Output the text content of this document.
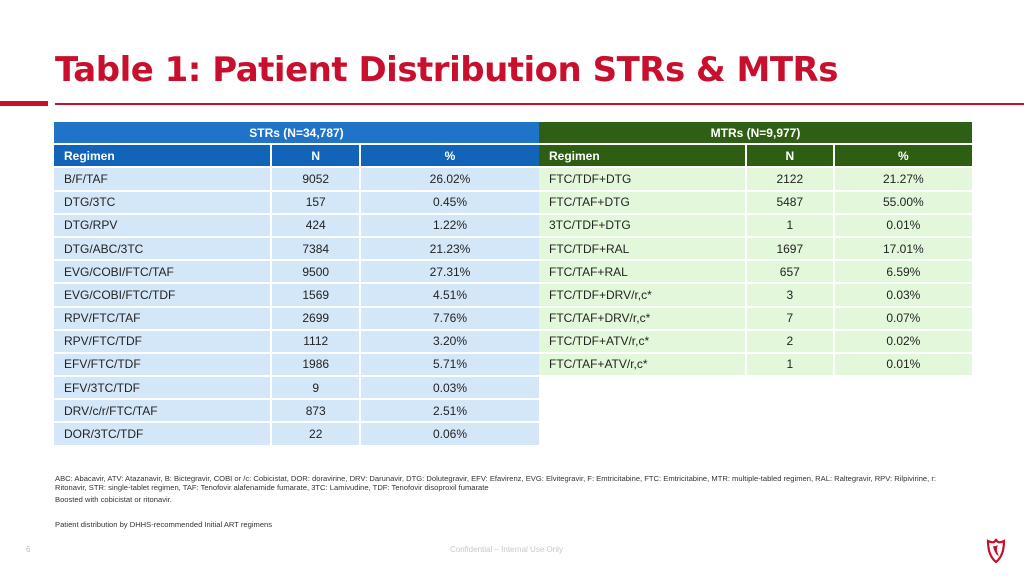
Table 1: Patient Distribution STRs & MTRs
STRs (N=34,787)		
Regimen	N	%
B/F/TAF	9052	26.02%
DTG/3TC	157	0.45%
DTG/RPV	424	1.22%
DTG/ABC/3TC	7384	21.23%
EVG/COBI/FTC/TAF	9500	27.31%
EVG/COBI/FTC/TDF	1569	4.51%
RPV/FTC/TAF	2699	7.76%
RPV/FTC/TDF	1112	3.20%
EFV/FTC/TDF	1986	5.71%
EFV/3TC/TDF	9	0.03%
DRV/c/r/FTC/TAF	873	2.51%
DOR/3TC/TDF	22	0.06%
MTRs (N=9,977)		
Regimen	N	%
FTC/TDF+DTG	2122	21.27%
FTC/TAF+DTG	5487	55.00%
3TC/TDF+DTG	1	0.01%
FTC/TDF+RAL	1697	17.01%
FTC/TAF+RAL	657	6.59%
FTC/TDF+DRV/r,c*	3	0.03%
FTC/TAF+DRV/r,c*	7	0.07%
FTC/TDF+ATV/r,c*	2	0.02%
FTC/TAF+ATV/r,c*	1	0.01%
ABC: Abacavir, ATV: Atazanavir, B: Bictegravir, COBI or /c: Cobicistat, DOR: doravirine, DRV: Darunavir, DTG: Dolutegravir, EFV: Efavirenz, EVG: Elvitegravir, F: Emtricitabine, FTC: Emtricitabine, MTR: multiple-tabled regimen, RAL: Raltegravir, RPV: Rilpivirine, r: Ritonavir, STR: single-tablet regimen, TAF: Tenofovir alafenamide fumarate, 3TC: Lamivudine, TDF: Tenofovir disoproxil fumarate
Boosted with cobicistat or ritonavir.
Patient distribution by DHHS-recommended Initial ART regimens
6	Confidential – Internal Use Only
